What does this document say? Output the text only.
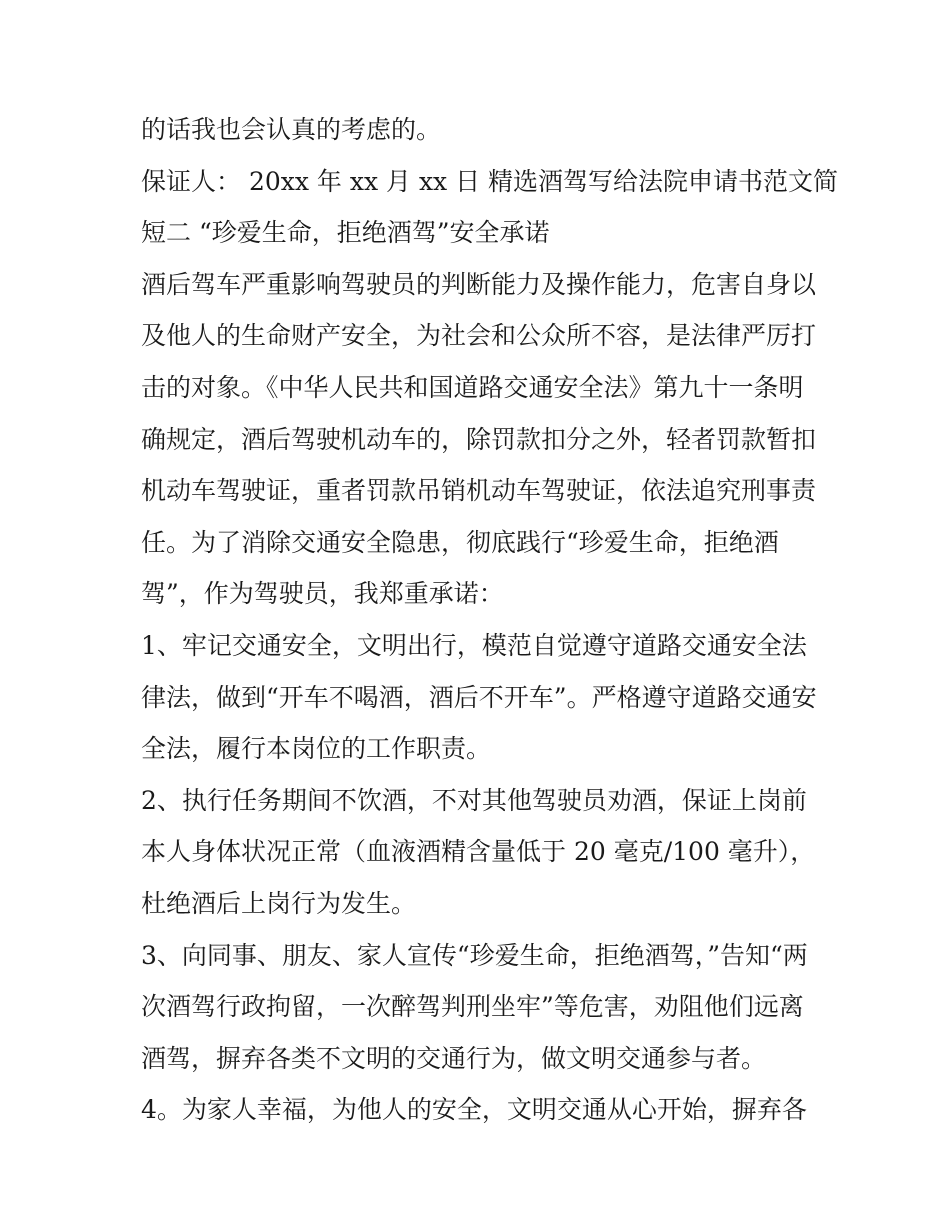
的话我也会认真的考虑的。
保证人： 20xx 年 xx 月 xx 日 精选酒驾写给法院申请书范文简
短二 “珍爱生命，拒绝酒驾”安全承诺
酒后驾车严重影响驾驶员的判断能力及操作能力，危害自身以
及他人的生命财产安全，为社会和公众所不容，是法律严厉打
击的对象。《中华人民共和国道路交通安全法》第九十一条明
确规定，酒后驾驶机动车的，除罚款扣分之外，轻者罚款暂扣
机动车驾驶证，重者罚款吊销机动车驾驶证，依法追究刑事责
任。为了消除交通安全隐患，彻底践行“珍爱生命，拒绝酒
驾”，作为驾驶员，我郑重承诺：
1、牢记交通安全，文明出行，模范自觉遵守道路交通安全法
律法，做到“开车不喝酒，酒后不开车”。严格遵守道路交通安
全法，履行本岗位的工作职责。
2、执行任务期间不饮酒，不对其他驾驶员劝酒，保证上岗前
本人身体状况正常（血液酒精含量低于 20 毫克/100 毫升），
杜绝酒后上岗行为发生。
3、向同事、朋友、家人宣传“珍爱生命，拒绝酒驾，”告知“两
次酒驾行政拘留，一次醉驾判刑坐牢”等危害，劝阻他们远离
酒驾，摒弃各类不文明的交通行为，做文明交通参与者。
4。为家人幸福，为他人的安全，文明交通从心开始，摒弃各
